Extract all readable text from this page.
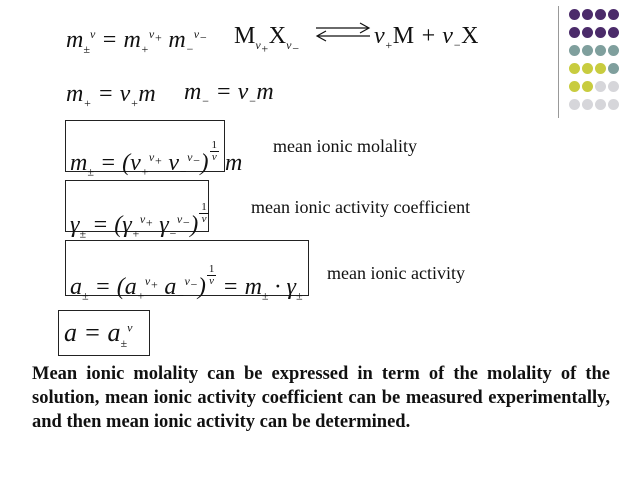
$m_\pm^v = m_+^{v_+}$ $m_-^{v_-}$ $M_{v_+}X_{v_-}$ ⇌ $v_+M + v_-X$
$m_+ = v_+m$ $m_- = v_-m$
$m_\pm = (v_+^{v_+}$ $v_-^{v_-}) \frac{1}{v}$ m
mean ionic molality
$\gamma_\pm = (\gamma_+^{v_+}$ $\gamma_-^{v_-}) \frac{1}{v}$ mean ionic activity coefficient
$a_\pm = (a_+^{v_+}$ $a_-^{v_-}) \frac{1}{v} = m_\pm \cdot \gamma_\pm$
mean ionic activity
$a = a_\pm^v$
Mean ionic molality can be expressed in term of the molality of the solution, mean ionic activity coefficient can be measured experimentally, and then mean ionic activity can be determined.
